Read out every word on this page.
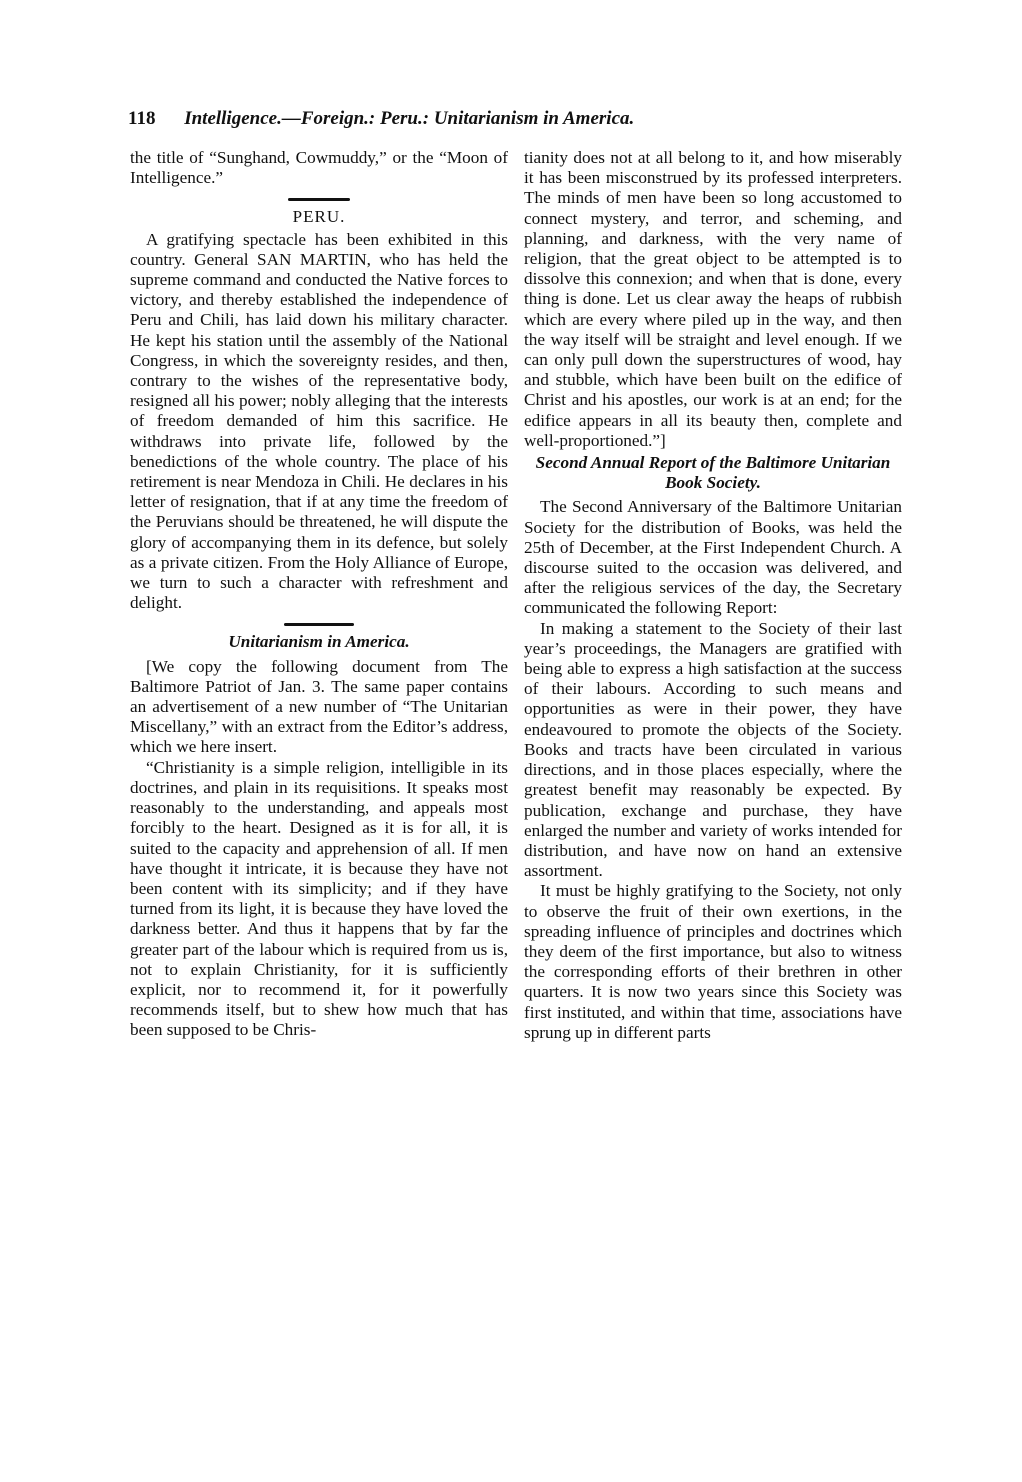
118 Intelligence.—Foreign.: Peru.: Unitarianism in America.

the title of “Sunghand, Cowmuddy,” or the “Moon of Intelligence.”

PERU.

A gratifying spectacle has been exhibited in this country. General SAN MARTIN, who has held the supreme command and conducted the Native forces to victory, and thereby established the independence of Peru and Chili, has laid down his military character. He kept his station until the assembly of the National Congress, in which the sovereignty resides, and then, contrary to the wishes of the representative body, resigned all his power; nobly alleging that the interests of freedom demanded of him this sacrifice. He withdraws into private life, followed by the benedictions of the whole country. The place of his retirement is near Mendoza in Chili. He declares in his letter of resignation, that if at any time the freedom of the Peruvians should be threatened, he will dispute the glory of accompanying them in its defence, but solely as a private citizen. From the Holy Alliance of Europe, we turn to such a character with refreshment and delight.

Unitarianism in America.

[We copy the following document from The Baltimore Patriot of Jan. 3. The same paper contains an advertisement of a new number of “The Unitarian Miscellany,” with an extract from the Editor’s address, which we here insert.

“Christianity is a simple religion, intelligible in its doctrines, and plain in its requisitions. It speaks most reasonably to the understanding, and appeals most forcibly to the heart. Designed as it is for all, it is suited to the capacity and apprehension of all. If men have thought it intricate, it is because they have not been content with its simplicity; and if they have turned from its light, it is because they have loved the darkness better. And thus it happens that by far the greater part of the labour which is required from us is, not to explain Christianity, for it is sufficiently explicit, nor to recommend it, for it powerfully recommends itself, but to shew how much that has been supposed to be Chris-

tianity does not at all belong to it, and how miserably it has been misconstrued by its professed interpreters. The minds of men have been so long accustomed to connect mystery, and terror, and scheming, and planning, and darkness, with the very name of religion, that the great object to be attempted is to dissolve this connexion; and when that is done, every thing is done. Let us clear away the heaps of rubbish which are every where piled up in the way, and then the way itself will be straight and level enough. If we can only pull down the superstructures of wood, hay and stubble, which have been built on the edifice of Christ and his apostles, our work is at an end; for the edifice appears in all its beauty then, complete and well-proportioned.”]

Second Annual Report of the Baltimore Unitarian Book Society.

The Second Anniversary of the Baltimore Unitarian Society for the distribution of Books, was held the 25th of December, at the First Independent Church. A discourse suited to the occasion was delivered, and after the religious services of the day, the Secretary communicated the following Report:

In making a statement to the Society of their last year’s proceedings, the Managers are gratified with being able to express a high satisfaction at the success of their labours. According to such means and opportunities as were in their power, they have endeavoured to promote the objects of the Society. Books and tracts have been circulated in various directions, and in those places especially, where the greatest benefit may reasonably be expected. By publication, exchange and purchase, they have enlarged the number and variety of works intended for distribution, and have now on hand an extensive assortment.

It must be highly gratifying to the Society, not only to observe the fruit of their own exertions, in the spreading influence of principles and doctrines which they deem of the first importance, but also to witness the corresponding efforts of their brethren in other quarters. It is now two years since this Society was first instituted, and within that time, associations have sprung up in different parts
